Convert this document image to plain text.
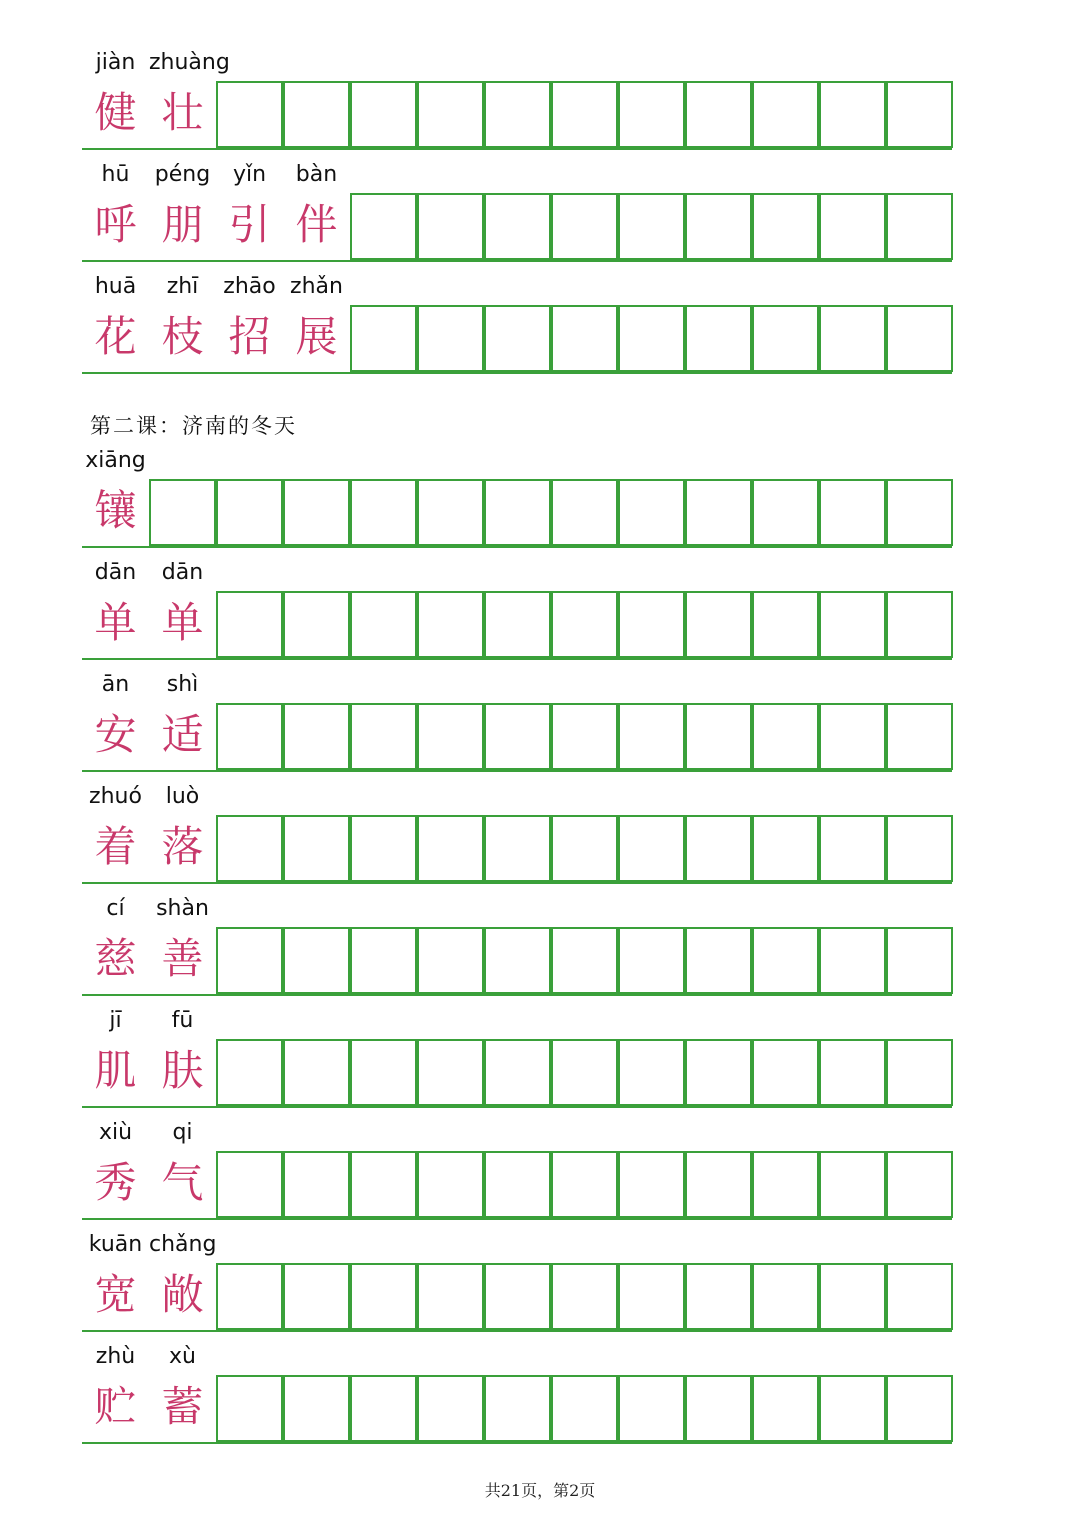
jiàn zhuàng
健 壮
hū	péng	yǐn	bàn
呼 朋 引 伴
huā	zhī	zhāo zhǎn
花 枝 招 展
xiāng
镶
dān	dān
单 单
ān	shì
安 适
zhuó	luò
着 落
cí	shàn
慈 善
jī	fū
肌 肤
xiù	qi
秀 气
kuān chǎng
宽 敞
zhù	xù
贮 蓄
第二课：济南的冬天
共21页，第2页
